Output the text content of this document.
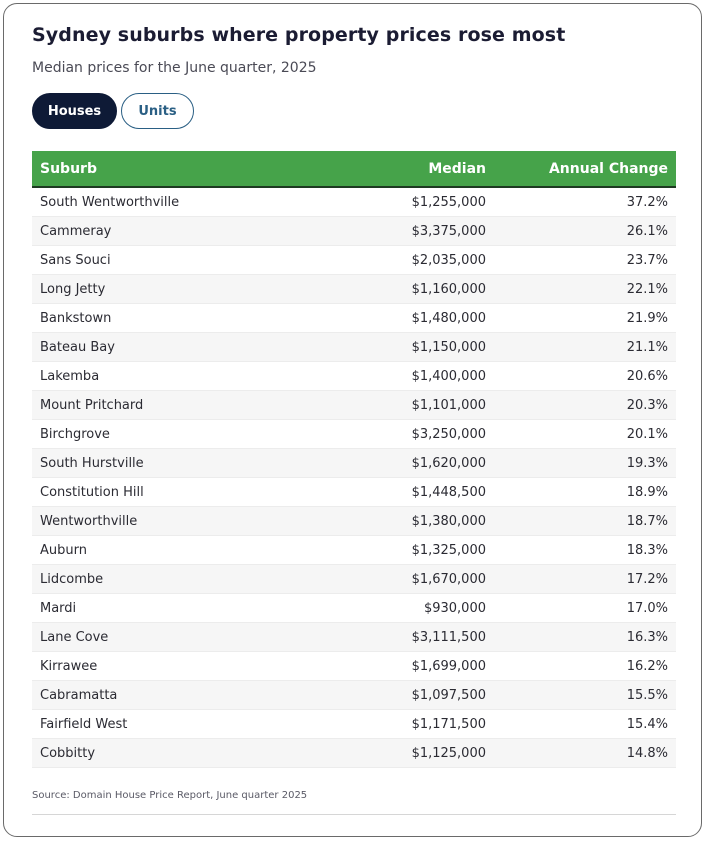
Sydney suburbs where property prices rose most
Median prices for the June quarter, 2025
Houses	Units
Suburb	Median	Annual Change
South Wentworthville	$1,255,000	37.2%
Cammeray	$3,375,000	26.1%
Sans Souci	$2,035,000	23.7%
Long Jetty	$1,160,000	22.1%
Bankstown	$1,480,000	21.9%
Bateau Bay	$1,150,000	21.1%
Lakemba	$1,400,000	20.6%
Mount Pritchard	$1,101,000	20.3%
Birchgrove	$3,250,000	20.1%
South Hurstville	$1,620,000	19.3%
Constitution Hill	$1,448,500	18.9%
Wentworthville	$1,380,000	18.7%
Auburn	$1,325,000	18.3%
Lidcombe	$1,670,000	17.2%
Mardi	$930,000	17.0%
Lane Cove	$3,111,500	16.3%
Kirrawee	$1,699,000	16.2%
Cabramatta	$1,097,500	15.5%
Fairfield West	$1,171,500	15.4%
Cobbitty	$1,125,000	14.8%
Source: Domain House Price Report, June quarter 2025
